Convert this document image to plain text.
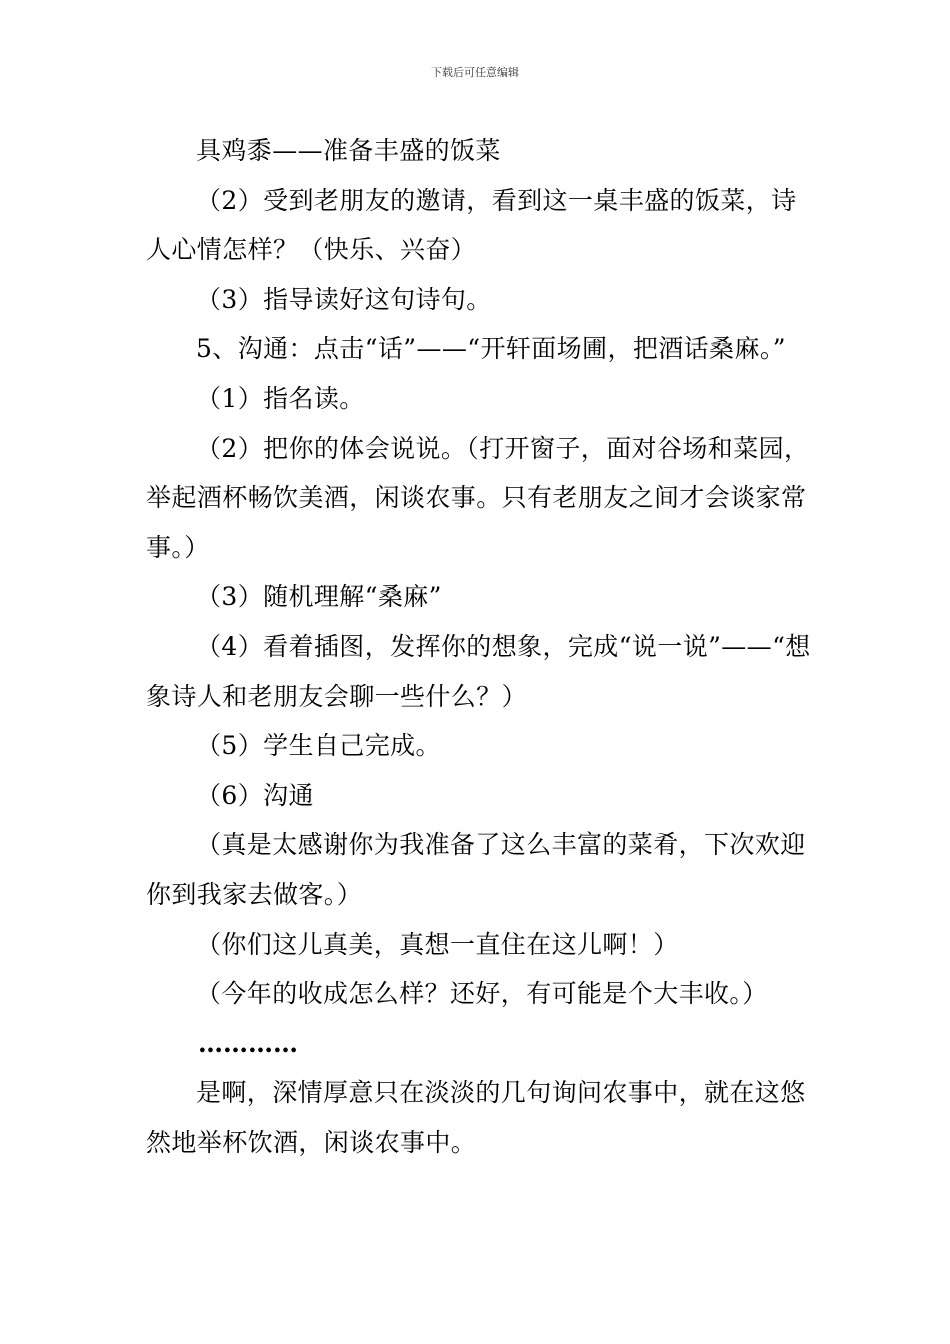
下载后可任意编辑

具鸡黍——准备丰盛的饭菜

（2）受到老朋友的邀请，看到这一桌丰盛的饭菜，诗人心情怎样？（快乐、兴奋）

（3）指导读好这句诗句。

5、沟通：点击“话”——“开轩面场圃，把酒话桑麻。”

（1）指名读。

（2）把你的体会说说。（打开窗子，面对谷场和菜园，举起酒杯畅饮美酒，闲谈农事。只有老朋友之间才会谈家常事。）

（3）随机理解“桑麻”

（4）看着插图，发挥你的想象，完成“说一说”——“想象诗人和老朋友会聊一些什么？）

（5）学生自己完成。

（6）沟通

（真是太感谢你为我准备了这么丰富的菜肴，下次欢迎你到我家去做客。）

（你们这儿真美，真想一直住在这儿啊！）

（今年的收成怎么样？还好，有可能是个大丰收。）

…………

是啊，深情厚意只在淡淡的几句询问农事中，就在这悠然地举杯饮酒，闲谈农事中。
